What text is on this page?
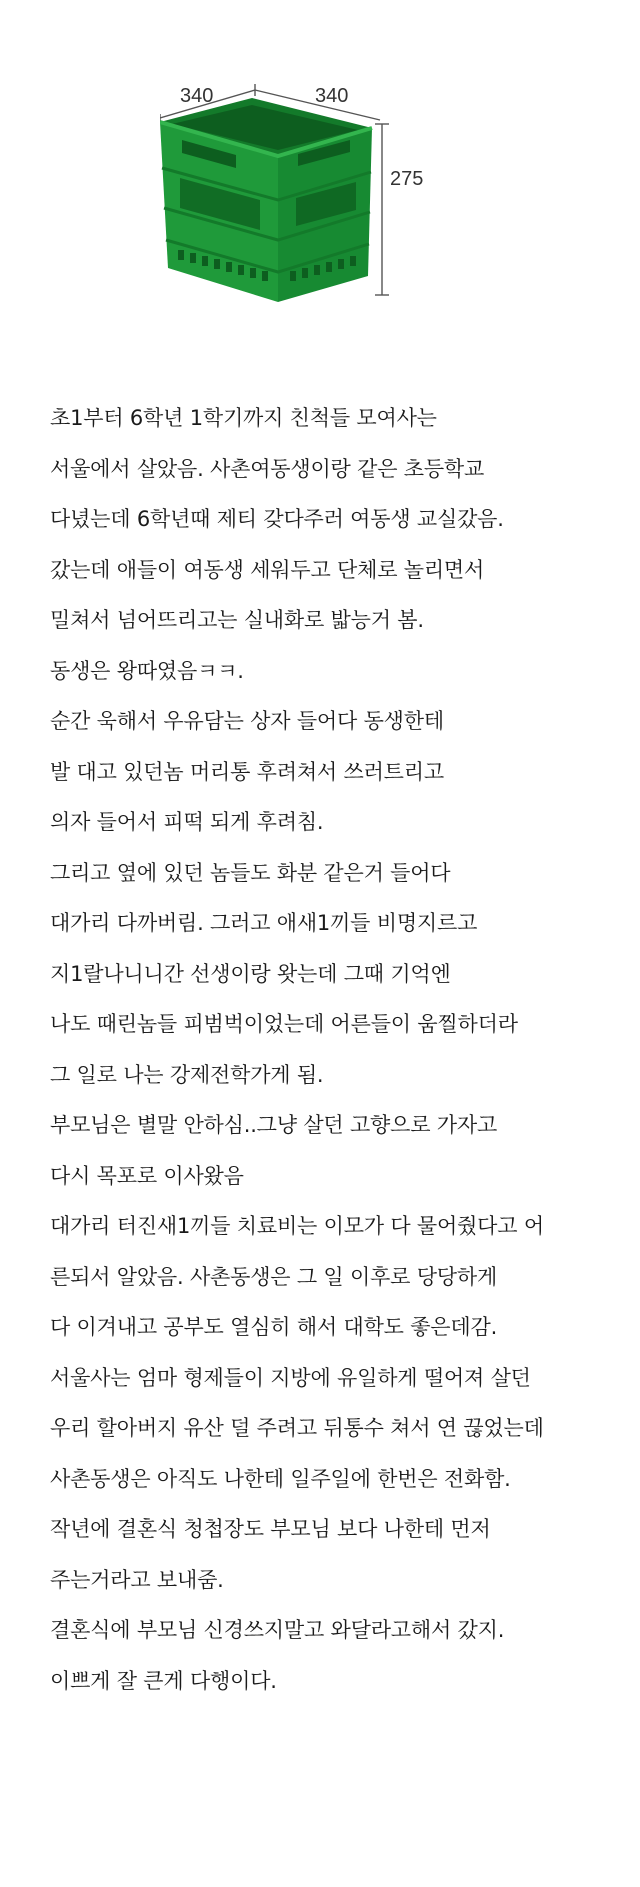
340	340
275
초1부터 6학년 1학기까지 친척들 모여사는
서울에서 살았음. 사촌여동생이랑 같은 초등학교
다녔는데 6학년때 제티 갖다주러 여동생 교실갔음.
갔는데 애들이 여동생 세워두고 단체로 놀리면서
밀쳐서 넘어뜨리고는 실내화로 밟능거 봄.
동생은 왕따였음ㅋㅋ.
순간 욱해서 우유담는 상자 들어다 동생한테
발 대고 있던놈 머리통 후려쳐서 쓰러트리고
의자 들어서 피떡 되게 후려침.
그리고 옆에 있던 놈들도 화분 같은거 들어다
대가리 다까버림. 그러고 애새1끼들 비명지르고
지1랄나니니간 선생이랑 왓는데 그때 기억엔
나도 때린놈들 피범벅이었는데 어른들이 움찔하더라
그 일로 나는 강제전학가게 됨.
부모님은 별말 안하심..그냥 살던 고향으로 가자고
다시 목포로 이사왔음
대가리 터진새1끼들 치료비는 이모가 다 물어줬다고 어
른되서 알았음. 사촌동생은 그 일 이후로 당당하게
다 이겨내고 공부도 열심히 해서 대학도 좋은데감.
서울사는 엄마 형제들이 지방에 유일하게 떨어져 살던
우리 할아버지 유산 덜 주려고 뒤통수 쳐서 연 끊었는데
사촌동생은 아직도 나한테 일주일에 한번은 전화함.
작년에 결혼식 청첩장도 부모님 보다 나한테 먼저
주는거라고 보내줌.
결혼식에 부모님 신경쓰지말고 와달라고해서 갔지.
이쁘게 잘 큰게 다행이다.
